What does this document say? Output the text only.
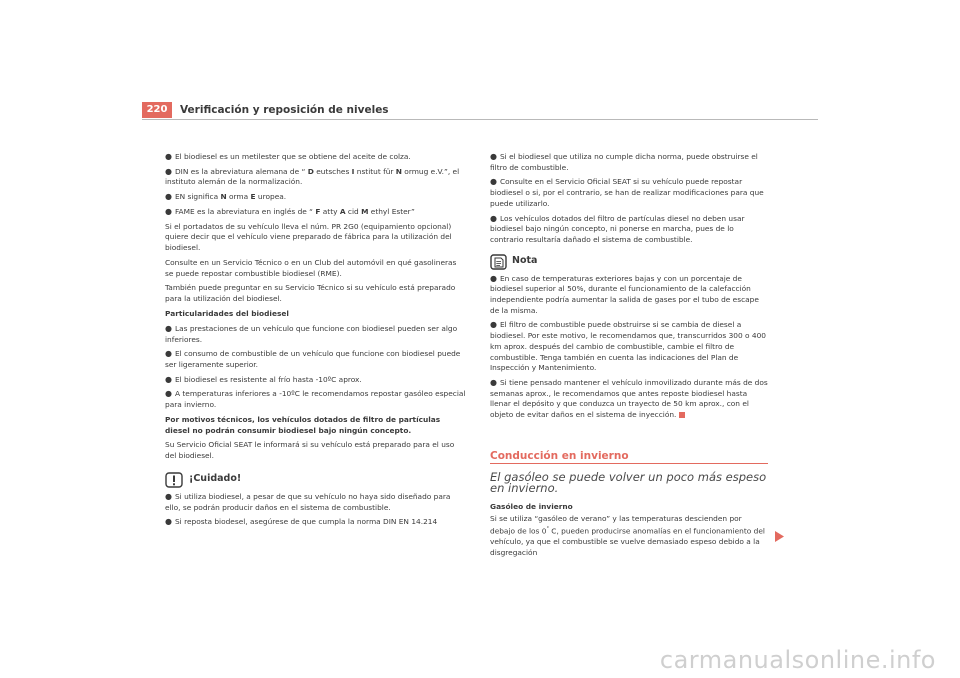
220	Verificación y reposición de niveles
● El biodiesel es un metilester que se obtiene del aceite de colza.
● DIN es la abreviatura alemana de “ D eutsches I nstitut für N ormug e.V.”, el instituto alemán de la normalización.
● EN significa N orma E uropea.
● FAME es la abreviatura en inglés de “ F atty A cid M ethyl Ester”

Si el portadatos de su vehículo lleva el núm. PR 2G0 (equipamiento opcional) quiere decir que el vehículo viene preparado de fábrica para la utilización del biodiesel.

Consulte en un Servicio Técnico o en un Club del automóvil en qué gasolineras se puede repostar combustible biodiesel (RME).

También puede preguntar en su Servicio Técnico si su vehículo está preparado para la utilización del biodiesel.

Particularidades del biodiesel

● Las prestaciones de un vehículo que funcione con biodiesel pueden ser algo inferiores.
● El consumo de combustible de un vehículo que funcione con biodiesel puede ser ligeramente superior.
● El biodiesel es resistente al frío hasta -10ºC aprox.
● A temperaturas inferiores a -10ºC le recomendamos repostar gasóleo especial para invierno.

Por motivos técnicos, los vehículos dotados de filtro de partículas diesel no podrán consumir biodiesel bajo ningún concepto.

Su Servicio Oficial SEAT le informará si su vehículo está preparado para el uso del biodiesel.

¡Cuidado!
● Si utiliza biodiesel, a pesar de que su vehículo no haya sido diseñado para ello, se podrán producir daños en el sistema de combustible.
● Si reposta biodesel, asegúrese de que cumpla la norma DIN EN 14.214
● Si el biodiesel que utiliza no cumple dicha norma, puede obstruirse el filtro de combustible.
● Consulte en el Servicio Oficial SEAT si su vehículo puede repostar biodiesel o si, por el contrario, se han de realizar modificaciones para que puede utilizarlo.
● Los vehículos dotados del filtro de partículas diesel no deben usar biodiesel bajo ningún concepto, ni ponerse en marcha, pues de lo contrario resultaría dañado el sistema de combustible.
Nota
● En caso de temperaturas exteriores bajas y con un porcentaje de biodiesel superior al 50%, durante el funcionamiento de la calefacción independiente podría aumentar la salida de gases por el tubo de escape de la misma.
● El filtro de combustible puede obstruirse si se cambia de diesel a biodiesel. Por este motivo, le recomendamos que, transcurridos 300 o 400 km aprox. después del cambio de combustible, cambie el filtro de combustible. Tenga también en cuenta las indicaciones del Plan de Inspección y Mantenimiento.
● Si tiene pensado mantener el vehículo inmovilizado durante más de dos semanas aprox., le recomendamos que antes reposte biodiesel hasta llenar el depósito y que conduzca un trayecto de 50 km aprox., con el objeto de evitar daños en el sistema de inyección.
Conducción en invierno
El gasóleo se puede volver un poco más espeso en invierno.

Gasóleo de invierno

Si se utiliza “gasóleo de verano” y las temperaturas descienden por debajo de los 0° C, pueden producirse anomalías en el funcionamiento del vehículo, ya que el combustible se vuelve demasiado espeso debido a la disgregación

carmanualsonline.info
